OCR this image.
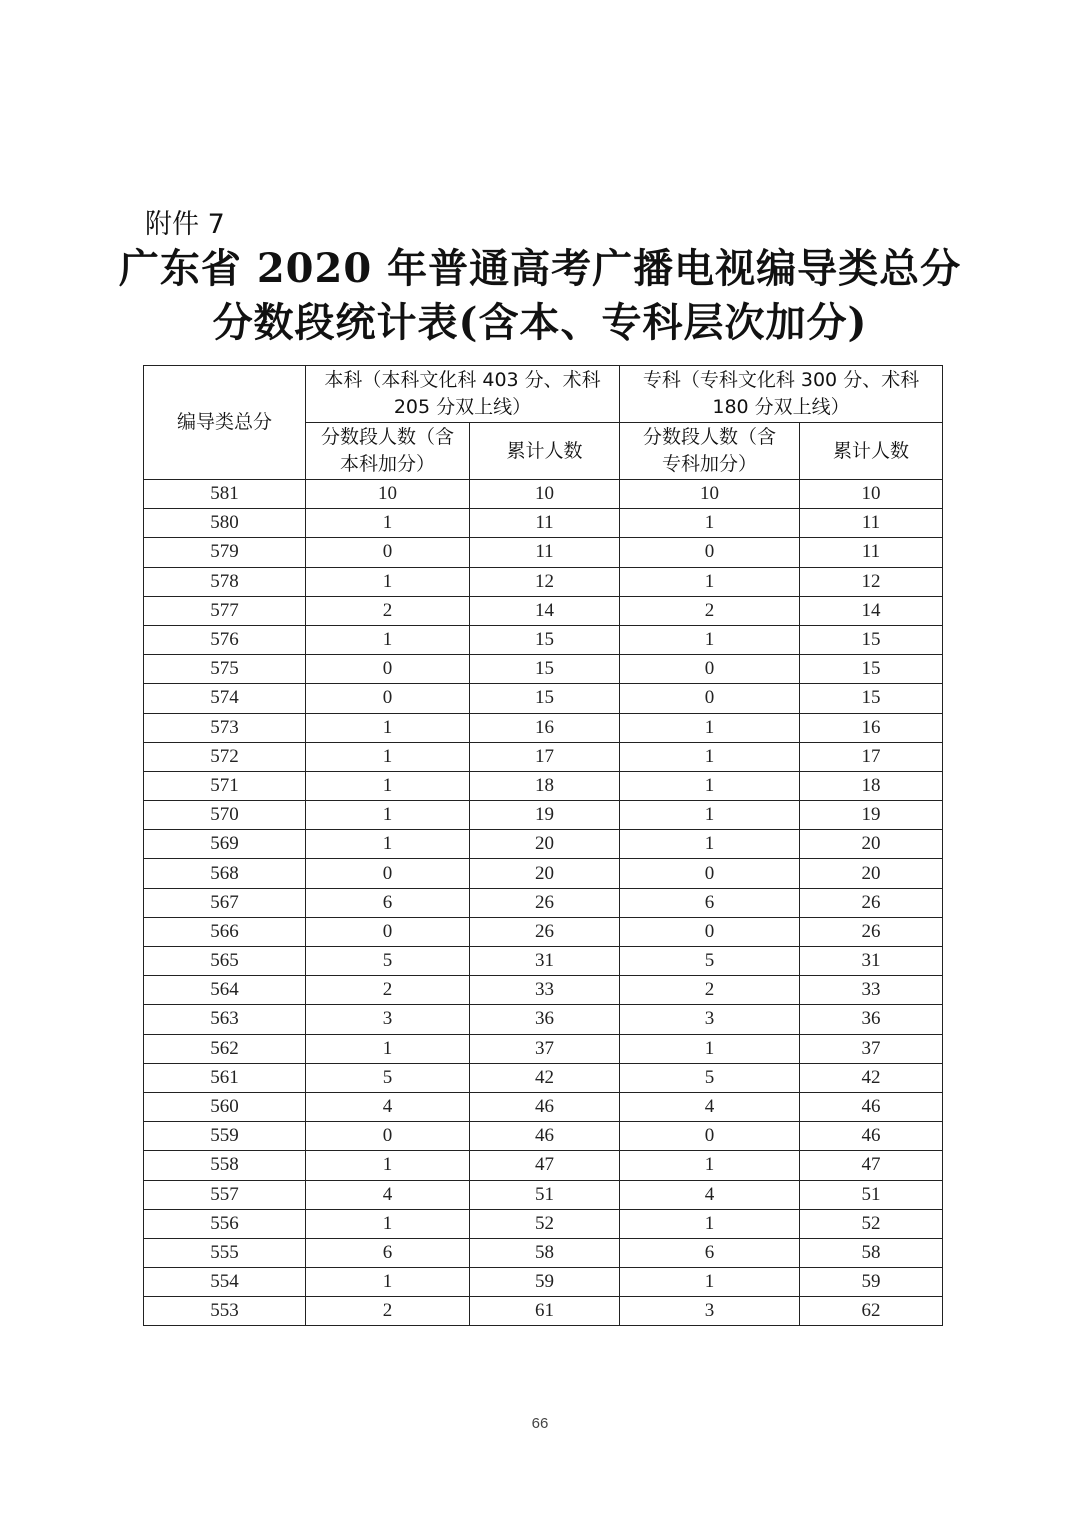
附件 7
广东省 2020 年普通高考广播电视编导类总分
分数段统计表(含本、专科层次加分)
编导类总分	本科（本科文化科 403 分、术科 205 分双上线）		专科（专科文化科 300 分、术科 180 分双上线）	
	分数段人数（含本科加分）	累计人数	分数段人数（含专科加分）	累计人数
581	10	10	10	10
580	1	11	1	11
579	0	11	0	11
578	1	12	1	12
577	2	14	2	14
576	1	15	1	15
575	0	15	0	15
574	0	15	0	15
573	1	16	1	16
572	1	17	1	17
571	1	18	1	18
570	1	19	1	19
569	1	20	1	20
568	0	20	0	20
567	6	26	6	26
566	0	26	0	26
565	5	31	5	31
564	2	33	2	33
563	3	36	3	36
562	1	37	1	37
561	5	42	5	42
560	4	46	4	46
559	0	46	0	46
558	1	47	1	47
557	4	51	4	51
556	1	52	1	52
555	6	58	6	58
554	1	59	1	59
553	2	61	3	62
66
